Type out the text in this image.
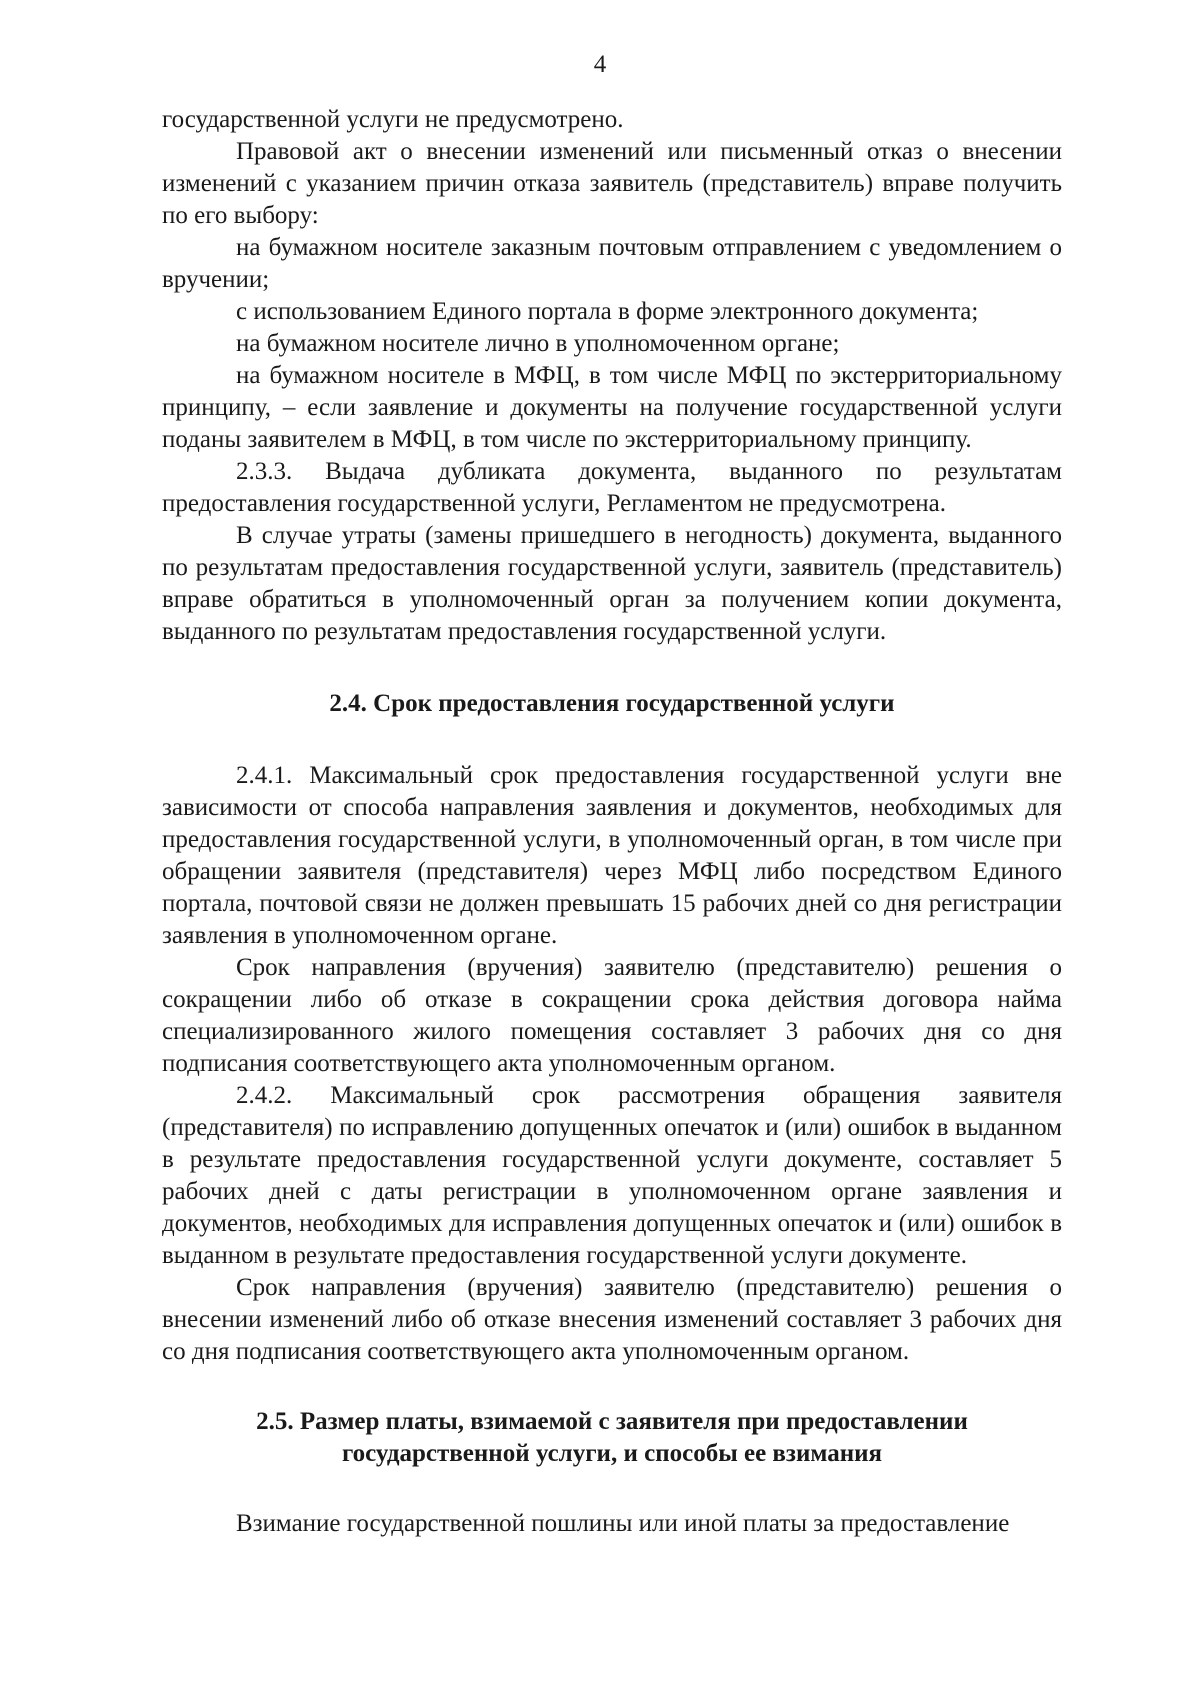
4

государственной услуги не предусмотрено.

Правовой акт о внесении изменений или письменный отказ о внесении изменений с указанием причин отказа заявитель (представитель) вправе получить по его выбору:

на бумажном носителе заказным почтовым отправлением с уведомлением о вручении;

с использованием Единого портала в форме электронного документа;

на бумажном носителе лично в уполномоченном органе;

на бумажном носителе в МФЦ, в том числе МФЦ по экстерриториальному принципу, – если заявление и документы на получение государственной услуги поданы заявителем в МФЦ, в том числе по экстерриториальному принципу.

2.3.3. Выдача дубликата документа, выданного по результатам предоставления государственной услуги, Регламентом не предусмотрена.

В случае утраты (замены пришедшего в негодность) документа, выданного по результатам предоставления государственной услуги, заявитель (представитель) вправе обратиться в уполномоченный орган за получением копии документа, выданного по результатам предоставления государственной услуги.

2.4. Срок предоставления государственной услуги

2.4.1. Максимальный срок предоставления государственной услуги вне зависимости от способа направления заявления и документов, необходимых для предоставления государственной услуги, в уполномоченный орган, в том числе при обращении заявителя (представителя) через МФЦ либо посредством Единого портала, почтовой связи не должен превышать 15 рабочих дней со дня регистрации заявления в уполномоченном органе.

Срок направления (вручения) заявителю (представителю) решения о сокращении либо об отказе в сокращении срока действия договора найма специализированного жилого помещения составляет 3 рабочих дня со дня подписания соответствующего акта уполномоченным органом.

2.4.2. Максимальный срок рассмотрения обращения заявителя (представителя) по исправлению допущенных опечаток и (или) ошибок в выданном в результате предоставления государственной услуги документе, составляет 5 рабочих дней с даты регистрации в уполномоченном органе заявления и документов, необходимых для исправления допущенных опечаток и (или) ошибок в выданном в результате предоставления государственной услуги документе.

Срок направления (вручения) заявителю (представителю) решения о внесении изменений либо об отказе внесения изменений составляет 3 рабочих дня со дня подписания соответствующего акта уполномоченным органом.

2.5. Размер платы, взимаемой с заявителя при предоставлении
государственной услуги, и способы ее взимания

Взимание государственной пошлины или иной платы за предоставление
